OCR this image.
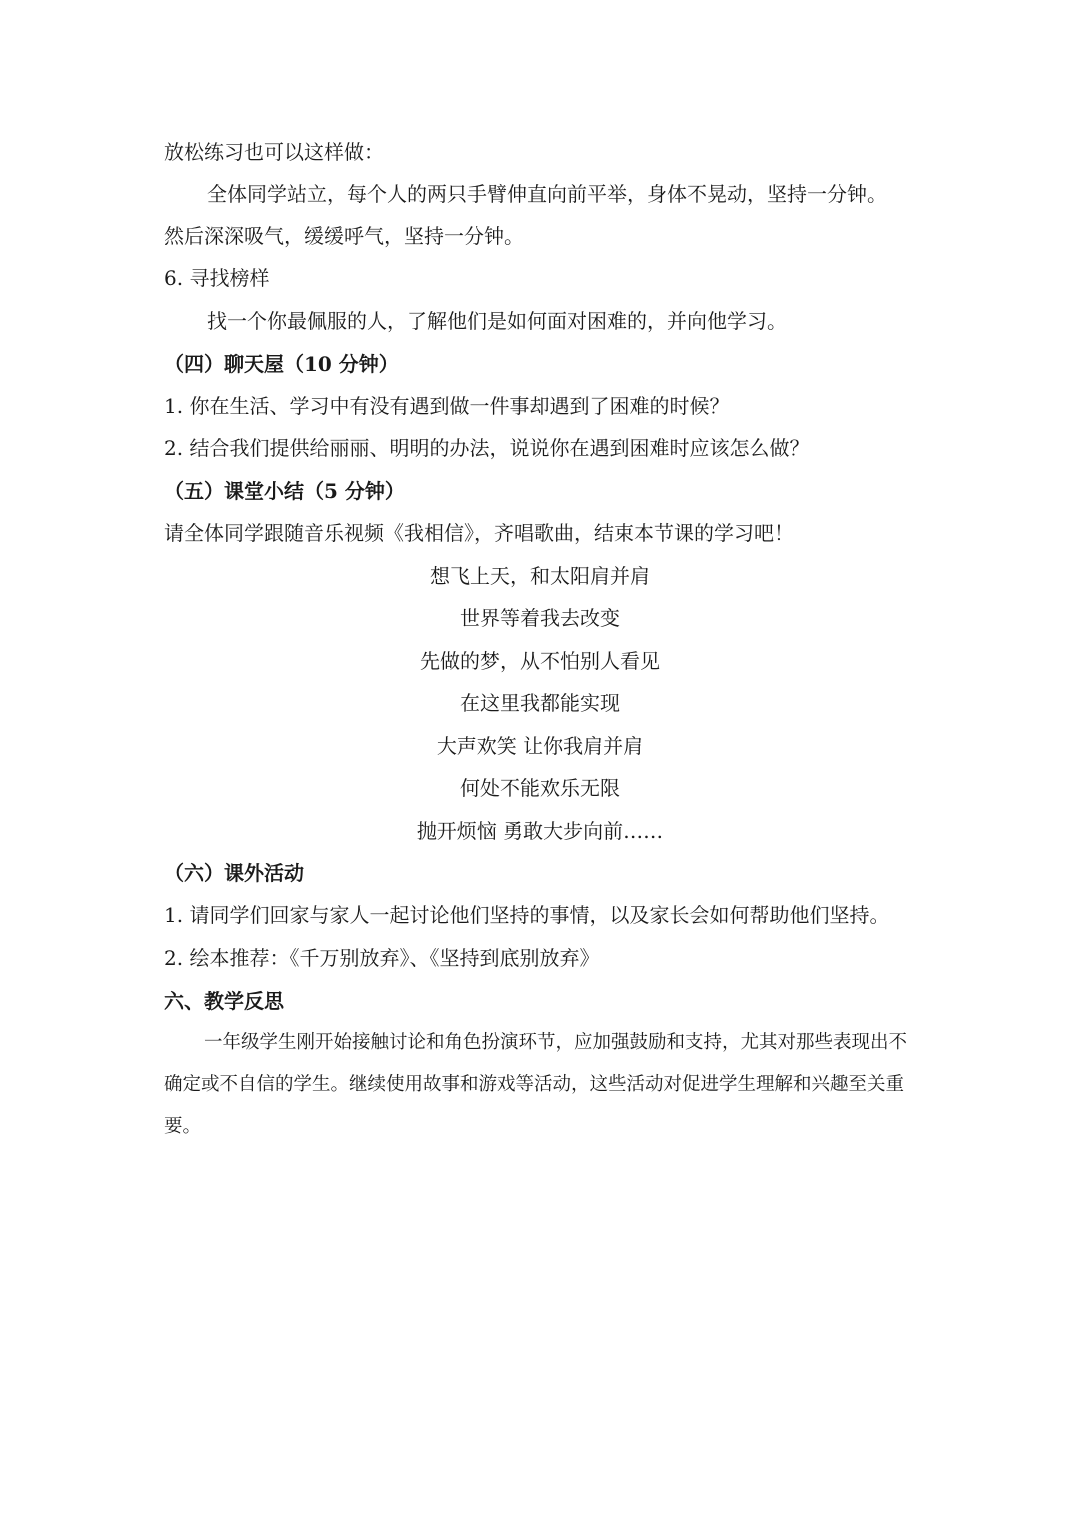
放松练习也可以这样做：
全体同学站立，每个人的两只手臂伸直向前平举，身体不晃动，坚持一分钟。
然后深深吸气，缓缓呼气，坚持一分钟。
6. 寻找榜样
找一个你最佩服的人，了解他们是如何面对困难的，并向他学习。
（四）聊天屋（10 分钟）
1. 你在生活、学习中有没有遇到做一件事却遇到了困难的时候？
2. 结合我们提供给丽丽、明明的办法，说说你在遇到困难时应该怎么做？
（五）课堂小结（5 分钟）
请全体同学跟随音乐视频《我相信》，齐唱歌曲，结束本节课的学习吧！
想飞上天，和太阳肩并肩
世界等着我去改变
先做的梦，从不怕别人看见
在这里我都能实现
大声欢笑 让你我肩并肩
何处不能欢乐无限
抛开烦恼 勇敢大步向前……
（六）课外活动
1. 请同学们回家与家人一起讨论他们坚持的事情，以及家长会如何帮助他们坚持。
2. 绘本推荐：《千万别放弃》、《坚持到底别放弃》
六、教学反思
一年级学生刚开始接触讨论和角色扮演环节，应加强鼓励和支持，尤其对那些表现出不
确定或不自信的学生。继续使用故事和游戏等活动，这些活动对促进学生理解和兴趣至关重
要。
